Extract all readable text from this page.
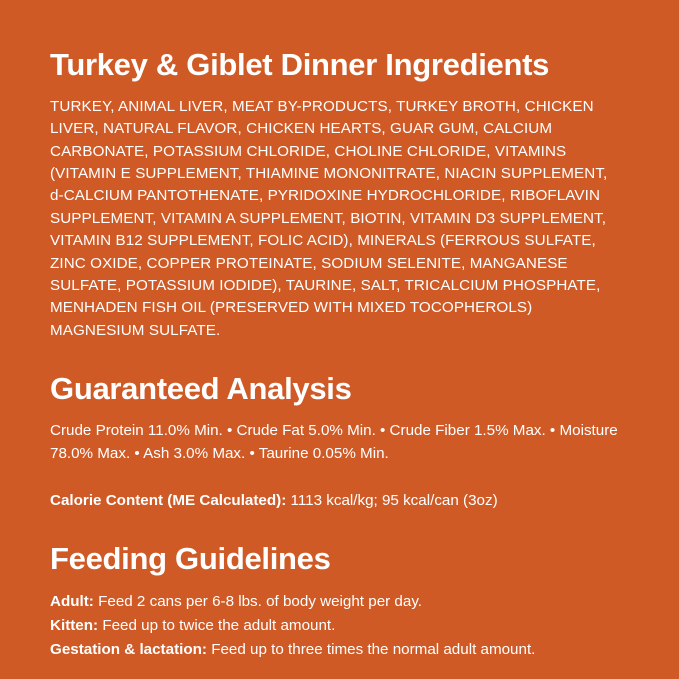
Turkey & Giblet Dinner Ingredients

TURKEY, ANIMAL LIVER, MEAT BY-PRODUCTS, TURKEY BROTH, CHICKEN LIVER, NATURAL FLAVOR, CHICKEN HEARTS, GUAR GUM, CALCIUM CARBONATE, POTASSIUM CHLORIDE, CHOLINE CHLORIDE, VITAMINS (VITAMIN E SUPPLEMENT, THIAMINE MONONITRATE, NIACIN SUPPLEMENT, d-CALCIUM PANTOTHENATE, PYRIDOXINE HYDROCHLORIDE, RIBOFLAVIN SUPPLEMENT, VITAMIN A SUPPLEMENT, BIOTIN, VITAMIN D3 SUPPLEMENT, VITAMIN B12 SUPPLEMENT, FOLIC ACID), MINERALS (FERROUS SULFATE, ZINC OXIDE, COPPER PROTEINATE, SODIUM SELENITE, MANGANESE SULFATE, POTASSIUM IODIDE), TAURINE, SALT, TRICALCIUM PHOSPHATE, MENHADEN FISH OIL (PRESERVED WITH MIXED TOCOPHEROLS) MAGNESIUM SULFATE.

Guaranteed Analysis

Crude Protein 11.0% Min. • Crude Fat 5.0% Min. • Crude Fiber 1.5% Max. • Moisture 78.0% Max. • Ash 3.0% Max. • Taurine 0.05% Min.

Calorie Content (ME Calculated): 1113 kcal/kg; 95 kcal/can (3oz)

Feeding Guidelines
Adult: Feed 2 cans per 6-8 lbs. of body weight per day.
Kitten: Feed up to twice the adult amount.
Gestation & lactation: Feed up to three times the normal adult amount.
